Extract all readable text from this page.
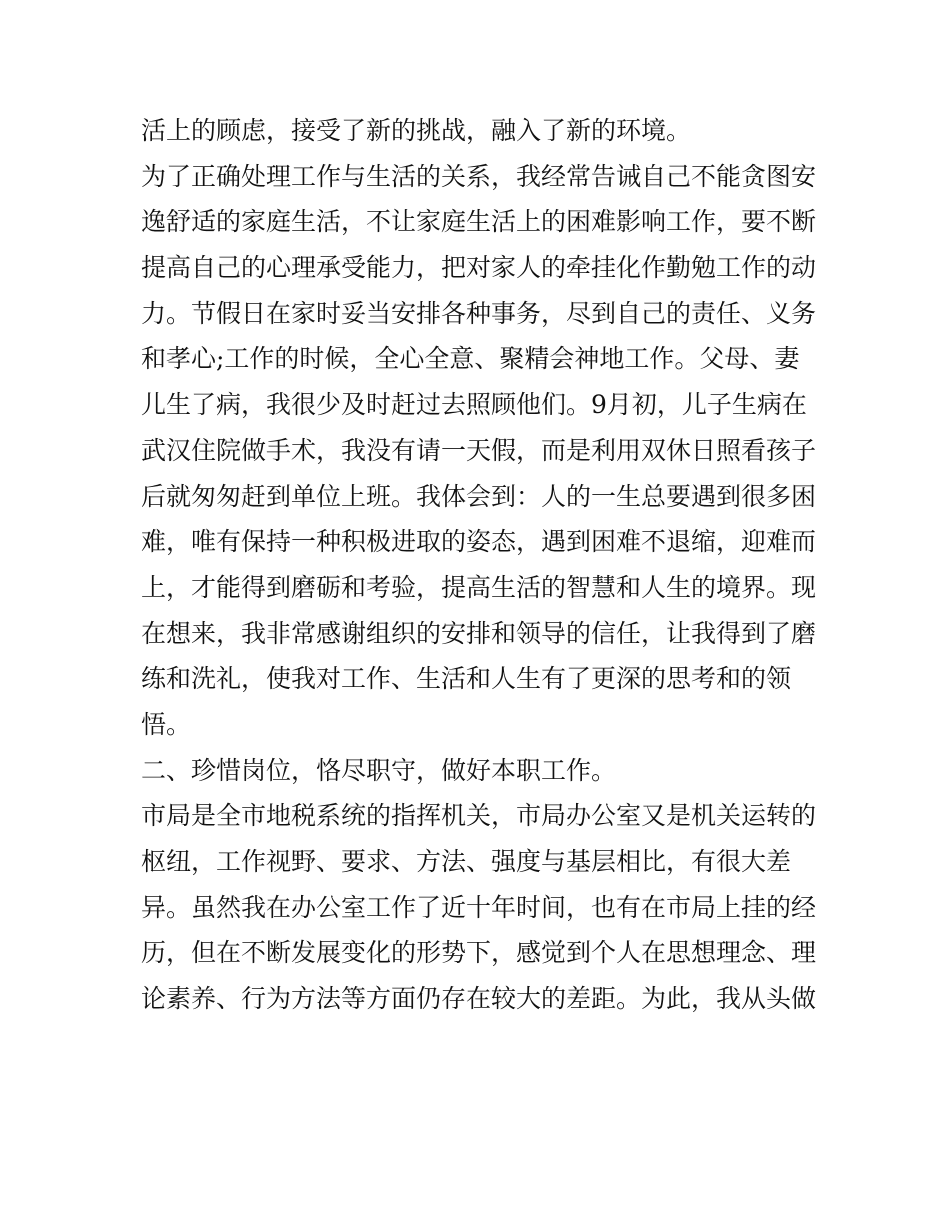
活上的顾虑，接受了新的挑战，融入了新的环境。
为了正确处理工作与生活的关系，我经常告诫自己不能贪图安
逸舒适的家庭生活，不让家庭生活上的困难影响工作，要不断
提高自己的心理承受能力，把对家人的牵挂化作勤勉工作的动
力。节假日在家时妥当安排各种事务，尽到自己的责任、义务
和孝心;工作的时候，全心全意、聚精会神地工作。父母、妻
儿生了病，我很少及时赶过去照顾他们。9月初，儿子生病在
武汉住院做手术，我没有请一天假，而是利用双休日照看孩子
后就匆匆赶到单位上班。我体会到：人的一生总要遇到很多困
难，唯有保持一种积极进取的姿态，遇到困难不退缩，迎难而
上，才能得到磨砺和考验，提高生活的智慧和人生的境界。现
在想来，我非常感谢组织的安排和领导的信任，让我得到了磨
练和洗礼，使我对工作、生活和人生有了更深的思考和的领
悟。
二、珍惜岗位，恪尽职守，做好本职工作。
市局是全市地税系统的指挥机关，市局办公室又是机关运转的
枢纽，工作视野、要求、方法、强度与基层相比，有很大差
异。虽然我在办公室工作了近十年时间，也有在市局上挂的经
历，但在不断发展变化的形势下，感觉到个人在思想理念、理
论素养、行为方法等方面仍存在较大的差距。为此，我从头做
